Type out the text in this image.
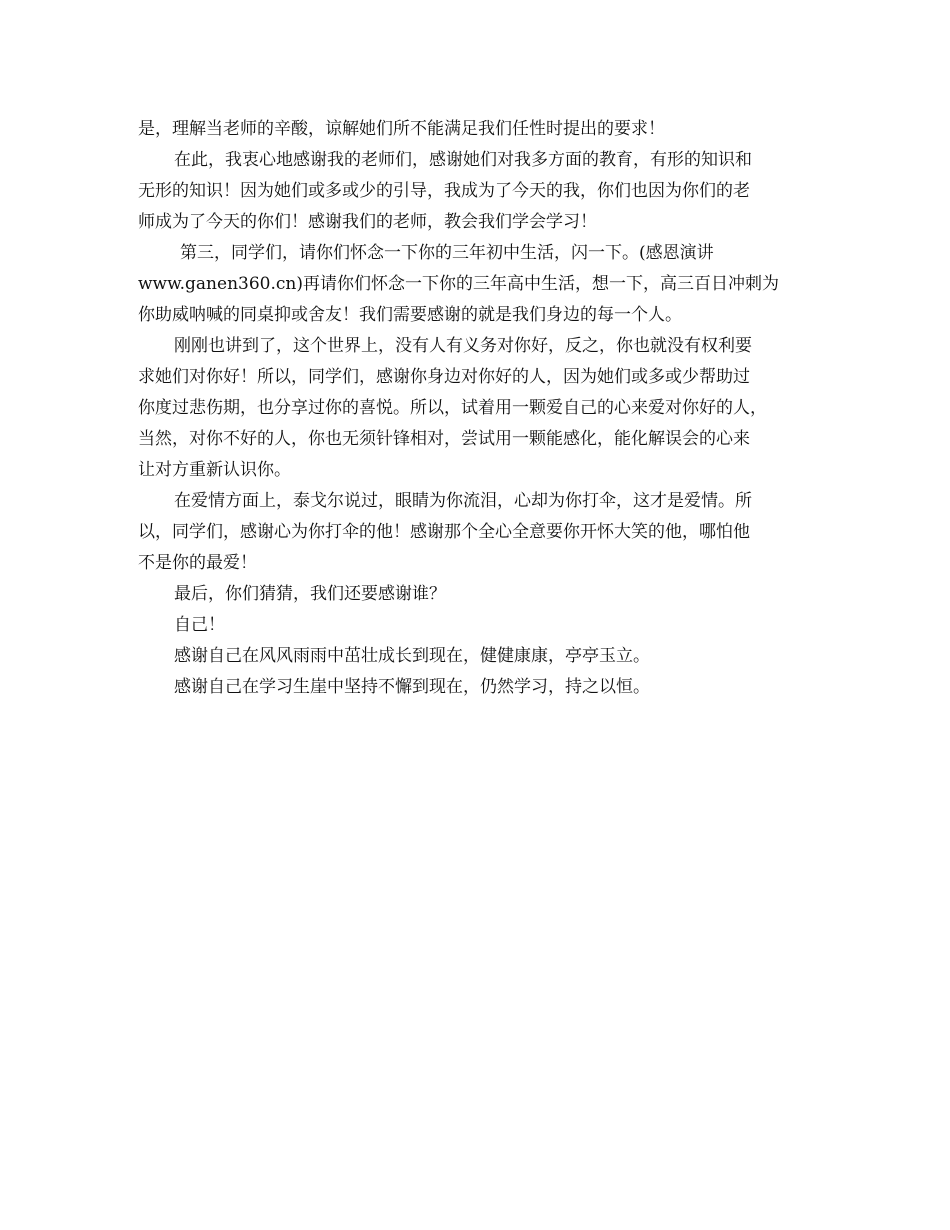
是，理解当老师的辛酸，谅解她们所不能满足我们任性时提出的要求！
在此，我衷心地感谢我的老师们，感谢她们对我多方面的教育，有形的知识和
无形的知识！因为她们或多或少的引导，我成为了今天的我，你们也因为你们的老
师成为了今天的你们！感谢我们的老师，教会我们学会学习！
第三，同学们，请你们怀念一下你的三年初中生活，闪一下。(感恩演讲
www.ganen360.cn)再请你们怀念一下你的三年高中生活，想一下，高三百日冲刺为
你助威呐喊的同桌抑或舍友！我们需要感谢的就是我们身边的每一个人。
刚刚也讲到了，这个世界上，没有人有义务对你好，反之，你也就没有权利要
求她们对你好！所以，同学们，感谢你身边对你好的人，因为她们或多或少帮助过
你度过悲伤期，也分享过你的喜悦。所以，试着用一颗爱自己的心来爱对你好的人，
当然，对你不好的人，你也无须针锋相对，尝试用一颗能感化，能化解误会的心来
让对方重新认识你。
在爱情方面上，泰戈尔说过，眼睛为你流泪，心却为你打伞，这才是爱情。所
以，同学们，感谢心为你打伞的他！感谢那个全心全意要你开怀大笑的他，哪怕他
不是你的最爱！
最后，你们猜猜，我们还要感谢谁？
自己！
感谢自己在风风雨雨中茁壮成长到现在，健健康康，亭亭玉立。
感谢自己在学习生崖中坚持不懈到现在，仍然学习，持之以恒。
